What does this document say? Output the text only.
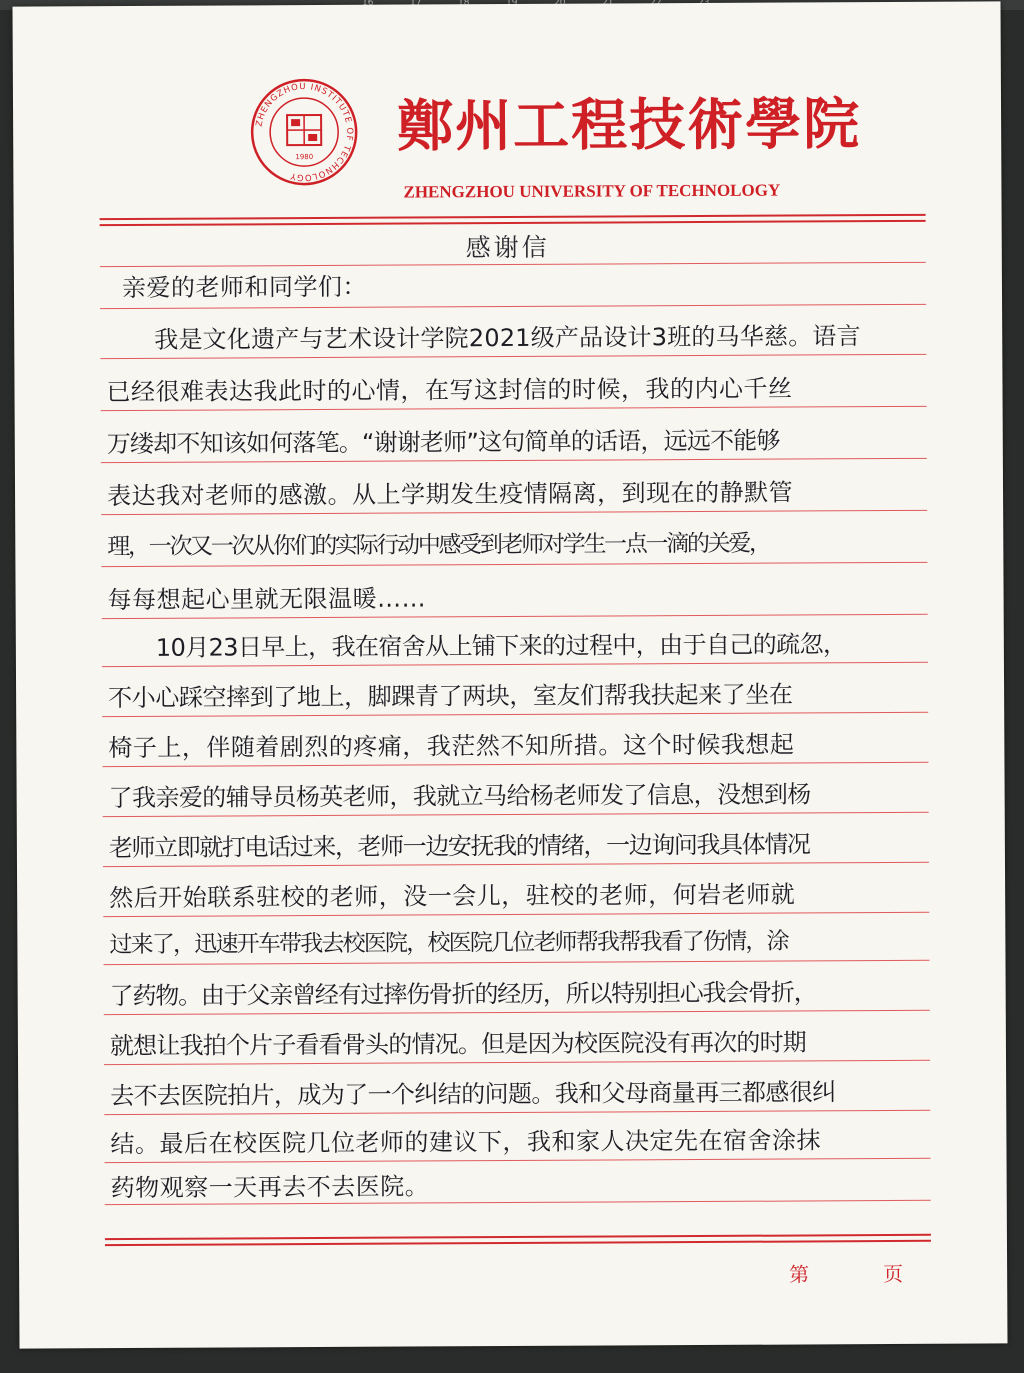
ZHENGZHOU INSTITUTE OF TECHNOLOGY
1980 鄭州工程技術學院
ZHENGZHOU UNIVERSITY OF TECHNOLOGY
感谢信
亲爱的老师和同学们：
我是文化遗产与艺术设计学院2021级产品设计3班的马华慈。语言
已经很难表达我此时的心情，在写这封信的时候，我的内心千丝
万缕却不知该如何落笔。“谢谢老师”这句简单的话语，远远不能够
表达我对老师的感激。从上学期发生疫情隔离，到现在的静默管
理，一次又一次从你们的实际行动中感受到老师对学生一点一滴的关爱，
每每想起心里就无限温暖……
10月23日早上，我在宿舍从上铺下来的过程中，由于自己的疏忽，
不小心踩空摔到了地上，脚踝青了两块，室友们帮我扶起来了坐在
椅子上，伴随着剧烈的疼痛，我茫然不知所措。这个时候我想起
了我亲爱的辅导员杨英老师，我就立马给杨老师发了信息，没想到杨
老师立即就打电话过来，老师一边安抚我的情绪，一边询问我具体情况
然后开始联系驻校的老师，没一会儿，驻校的老师，何岩老师就
过来了，迅速开车带我去校医院，校医院几位老师帮我帮我看了伤情，涂
了药物。由于父亲曾经有过摔伤骨折的经历，所以特别担心我会骨折，
就想让我拍个片子看看骨头的情况。但是因为校医院没有再次的时期
去不去医院拍片，成为了一个纠结的问题。我和父母商量再三都感很纠
结。最后在校医院几位老师的建议下，我和家人决定先在宿舍涂抹
药物观察一天再去不去医院。
第	页
